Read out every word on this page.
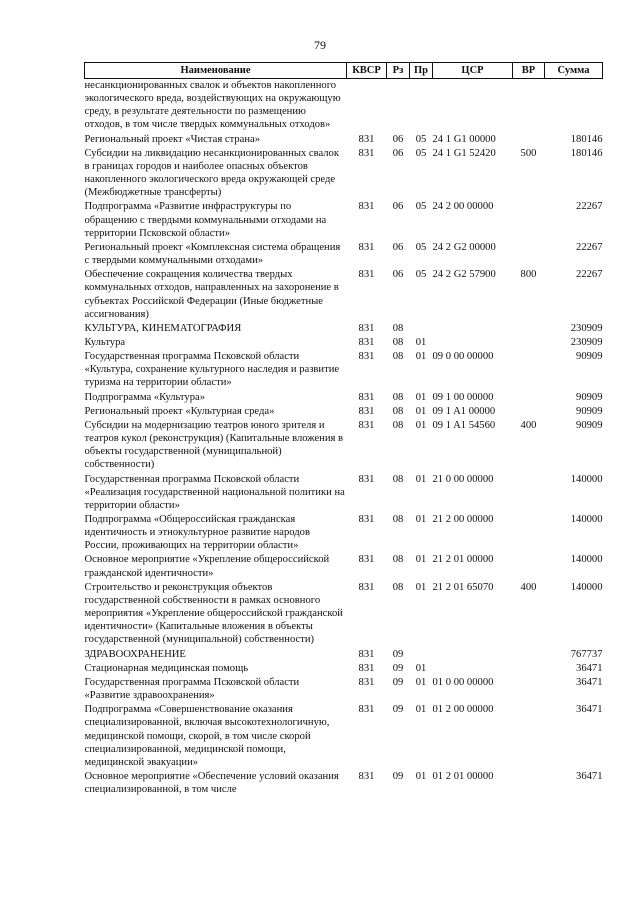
79
Наименование	КВСР	Рз	Пр	ЦСР	ВР	Сумма
несанкционированных свалок и объектов накопленного экологического вреда, воздействующих на окружающую среду, в результате деятельности по размещению отходов, в том числе твердых коммунальных отходов»						
Региональный проект «Чистая страна»	831	06	05	24 1 G1 00000		180146
Субсидии на ликвидацию несанкционированных свалок в границах городов и наиболее опасных объектов накопленного экологического вреда окружающей среде (Межбюджетные трансферты)	831	06	05	24 1 G1 52420	500	180146
Подпрограмма «Развитие инфраструктуры по обращению с твердыми коммунальными отходами на территории Псковской области»	831	06	05	24 2 00 00000		22267
Региональный проект «Комплексная система обращения с твердыми коммунальными отходами»	831	06	05	24 2 G2 00000		22267
Обеспечение сокращения количества твердых коммунальных отходов, направленных на захоронение в субъектах Российской Федерации (Иные бюджетные ассигнования)	831	06	05	24 2 G2 57900	800	22267
КУЛЬТУРА, КИНЕМАТОГРАФИЯ	831	08				230909
Культура	831	08	01			230909
Государственная программа Псковской области «Культура, сохранение культурного наследия и развитие туризма на территории области»	831	08	01	09 0 00 00000		90909
Подпрограмма «Культура»	831	08	01	09 1 00 00000		90909
Региональный проект «Культурная среда»	831	08	01	09 1 A1 00000		90909
Субсидии на модернизацию театров юного зрителя и театров кукол (реконструкция) (Капитальные вложения в объекты государственной (муниципальной) собственности)	831	08	01	09 1 A1 54560	400	90909
Государственная программа Псковской области «Реализация государственной национальной политики на территории области»	831	08	01	21 0 00 00000		140000
Подпрограмма «Общероссийская гражданская идентичность и этнокультурное развитие народов России, проживающих на территории области»	831	08	01	21 2 00 00000		140000
Основное мероприятие «Укрепление общероссийской гражданской идентичности»	831	08	01	21 2 01 00000		140000
Строительство и реконструкция объектов государственной собственности в рамках основного мероприятия «Укрепление общероссийской гражданской идентичности» (Капитальные вложения в объекты государственной (муниципальной) собственности)	831	08	01	21 2 01 65070	400	140000
ЗДРАВООХРАНЕНИЕ	831	09				767737
Стационарная медицинская помощь	831	09	01			36471
Государственная программа Псковской области «Развитие здравоохранения»	831	09	01	01 0 00 00000		36471
Подпрограмма «Совершенствование оказания специализированной, включая высокотехнологичную, медицинской помощи, скорой, в том числе скорой специализированной, медицинской помощи, медицинской эвакуации»	831	09	01	01 2 00 00000		36471
Основное мероприятие «Обеспечение условий оказания специализированной, в том числе	831	09	01	01 2 01 00000		36471
